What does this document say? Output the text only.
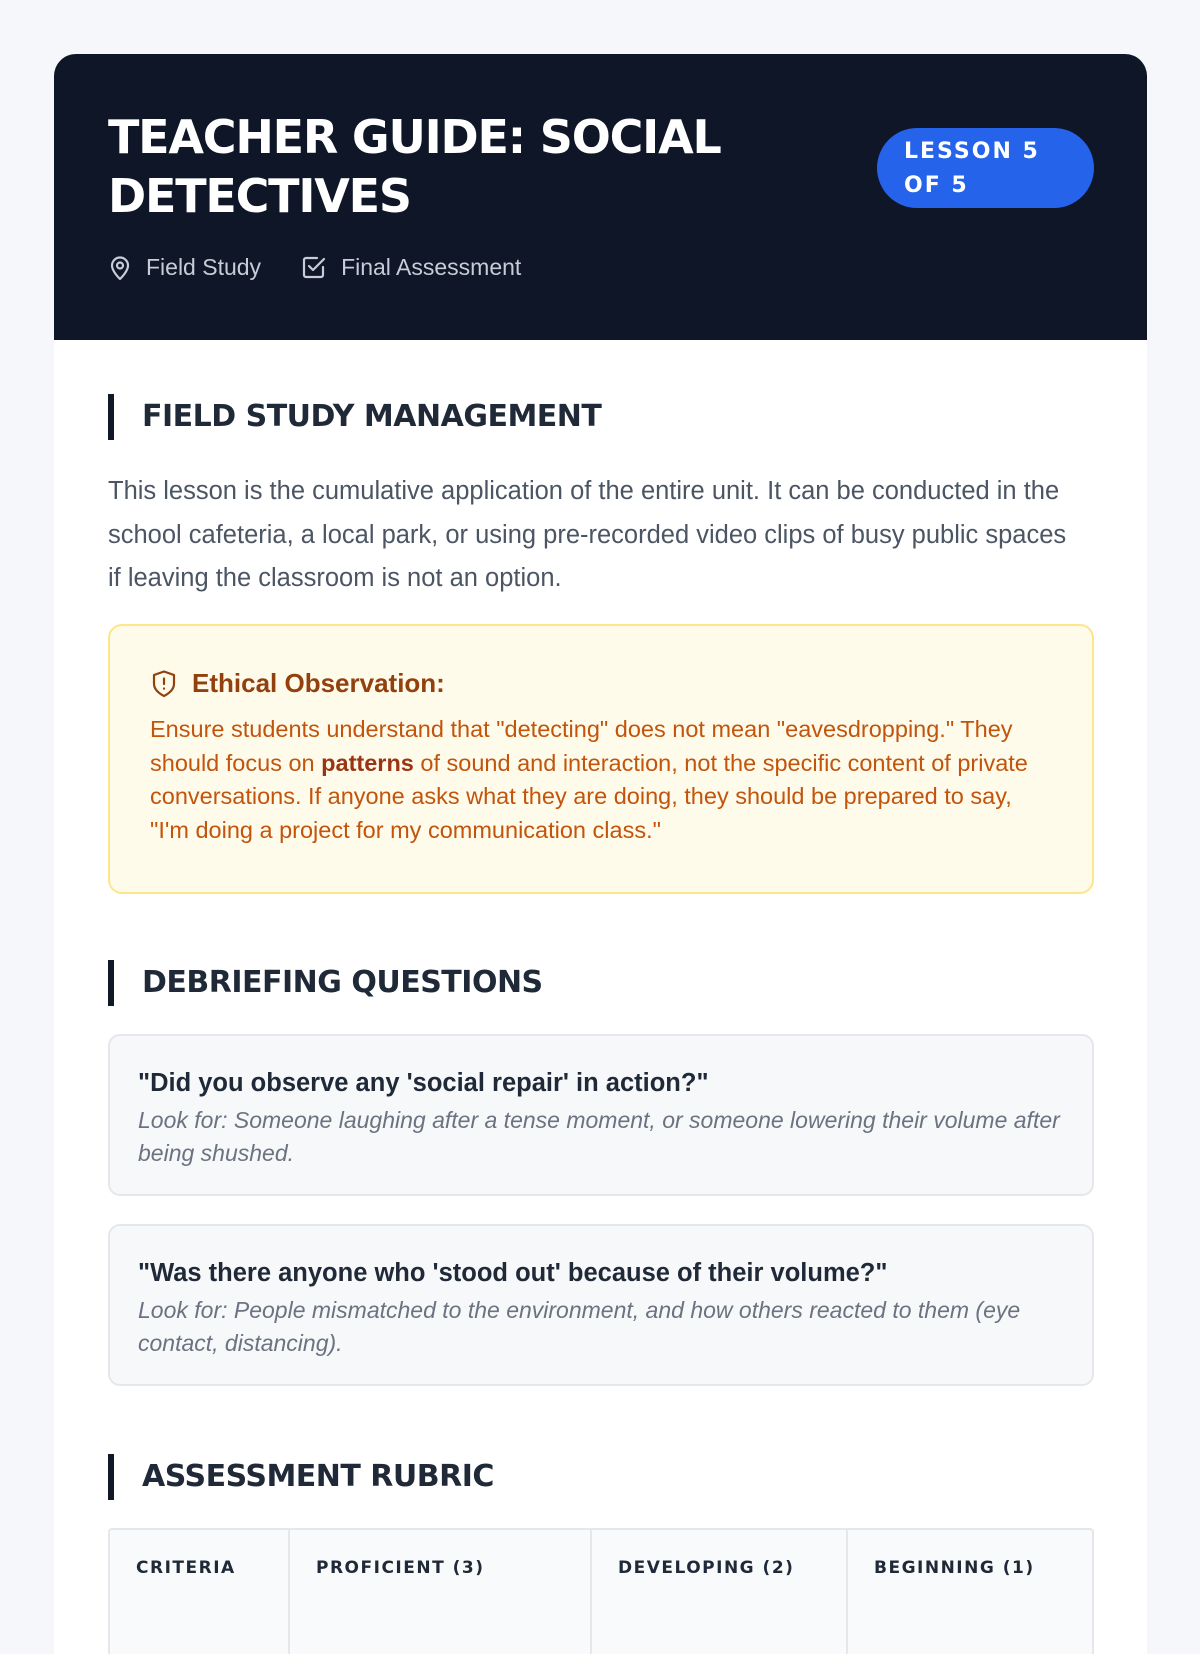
TEACHER GUIDE: SOCIAL DETECTIVES
LESSON 5
OF 5
Field Study	Final Assessment
FIELD STUDY MANAGEMENT

This lesson is the cumulative application of the entire unit. It can be conducted in the school cafeteria, a local park, or using pre-recorded video clips of busy public spaces if leaving the classroom is not an option.

Ethical Observation:

Ensure students understand that "detecting" does not mean "eavesdropping." They should focus on patterns of sound and interaction, not the specific content of private conversations. If anyone asks what they are doing, they should be prepared to say, "I'm doing a project for my communication class."

DEBRIEFING QUESTIONS

"Did you observe any 'social repair' in action?"

Look for: Someone laughing after a tense moment, or someone lowering their volume after being shushed.

"Was there anyone who 'stood out' because of their volume?"

Look for: People mismatched to the environment, and how others reacted to them (eye contact, distancing).

ASSESSMENT RUBRIC
CRITERIA	PROFICIENT (3)	DEVELOPING (2)	BEGINNING (1)
